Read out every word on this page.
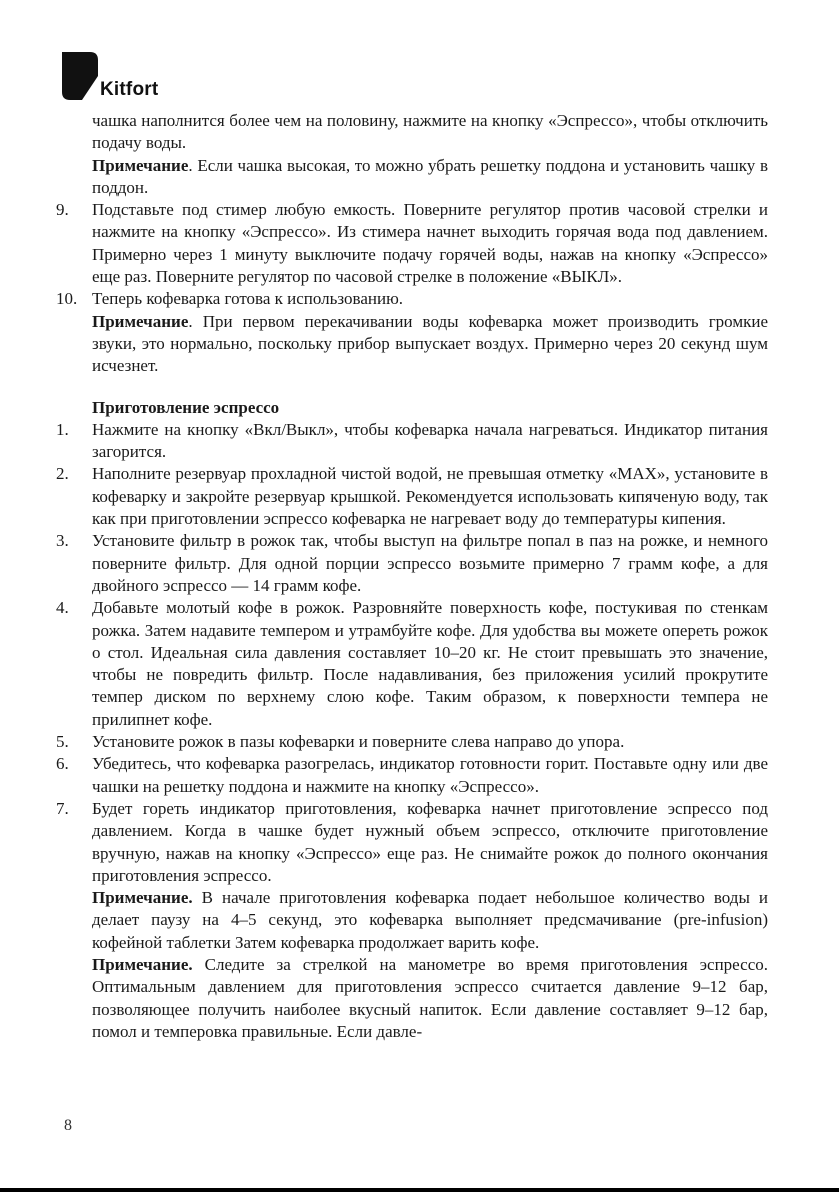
Kitfort

чашка наполнится более чем на половину, нажмите на кнопку «Эспрессо», чтобы отключить подачу воды.

Примечание. Если чашка высокая, то можно убрать решетку поддона и установить чашку в поддон.

9. Подставьте под стимер любую емкость. Поверните регулятор против часовой стрелки и нажмите на кнопку «Эспрессо». Из стимера начнет выходить горячая вода под давлением. Примерно через 1 минуту выключите подачу горячей воды, нажав на кнопку «Эспрессо» еще раз. Поверните регулятор по часовой стрелке в положение «ВЫКЛ».
10. Теперь кофеварка готова к использованию.

Примечание. При первом перекачивании воды кофеварка может производить громкие звуки, это нормально, поскольку прибор выпускает воздух. Примерно через 20 секунд шум исчезнет.

Приготовление эспрессо
1. Нажмите на кнопку «Вкл/Выкл», чтобы кофеварка начала нагреваться. Индикатор питания загорится.
2. Наполните резервуар прохладной чистой водой, не превышая отметку «MAX», установите в кофеварку и закройте резервуар крышкой. Рекомендуется использовать кипяченую воду, так как при приготовлении эспрессо кофеварка не нагревает воду до температуры кипения.
3. Установите фильтр в рожок так, чтобы выступ на фильтре попал в паз на рожке, и немного поверните фильтр. Для одной порции эспрессо возьмите примерно 7 грамм кофе, а для двойного эспрессо — 14 грамм кофе.
4. Добавьте молотый кофе в рожок. Разровняйте поверхность кофе, постукивая по стенкам рожка. Затем надавите темпером и утрамбуйте кофе. Для удобства вы можете опереть рожок о стол. Идеальная сила давления составляет 10–20 кг. Не стоит превышать это значение, чтобы не повредить фильтр. После надавливания, без приложения усилий прокрутите темпер диском по верхнему слою кофе. Таким образом, к поверхности темпера не прилипнет кофе.
5. Установите рожок в пазы кофеварки и поверните слева направо до упора.
6. Убедитесь, что кофеварка разогрелась, индикатор готовности горит. Поставьте одну или две чашки на решетку поддона и нажмите на кнопку «Эспрессо».
7. Будет гореть индикатор приготовления, кофеварка начнет приготовление эспрессо под давлением. Когда в чашке будет нужный объем эспрессо, отключите приготовление вручную, нажав на кнопку «Эспрессо» еще раз. Не снимайте рожок до полного окончания приготовления эспрессо.

Примечание. В начале приготовления кофеварка подает небольшое количество воды и делает паузу на 4–5 секунд, это кофеварка выполняет предсмачивание (pre-infusion) кофейной таблетки Затем кофеварка продолжает варить кофе.

Примечание. Следите за стрелкой на манометре во время приготовления эспрессо. Оптимальным давлением для приготовления эспрессо считается давление 9–12 бар, позволяющее получить наиболее вкусный напиток. Если давление составляет 9–12 бар, помол и темперовка правильные. Если давле-

8
